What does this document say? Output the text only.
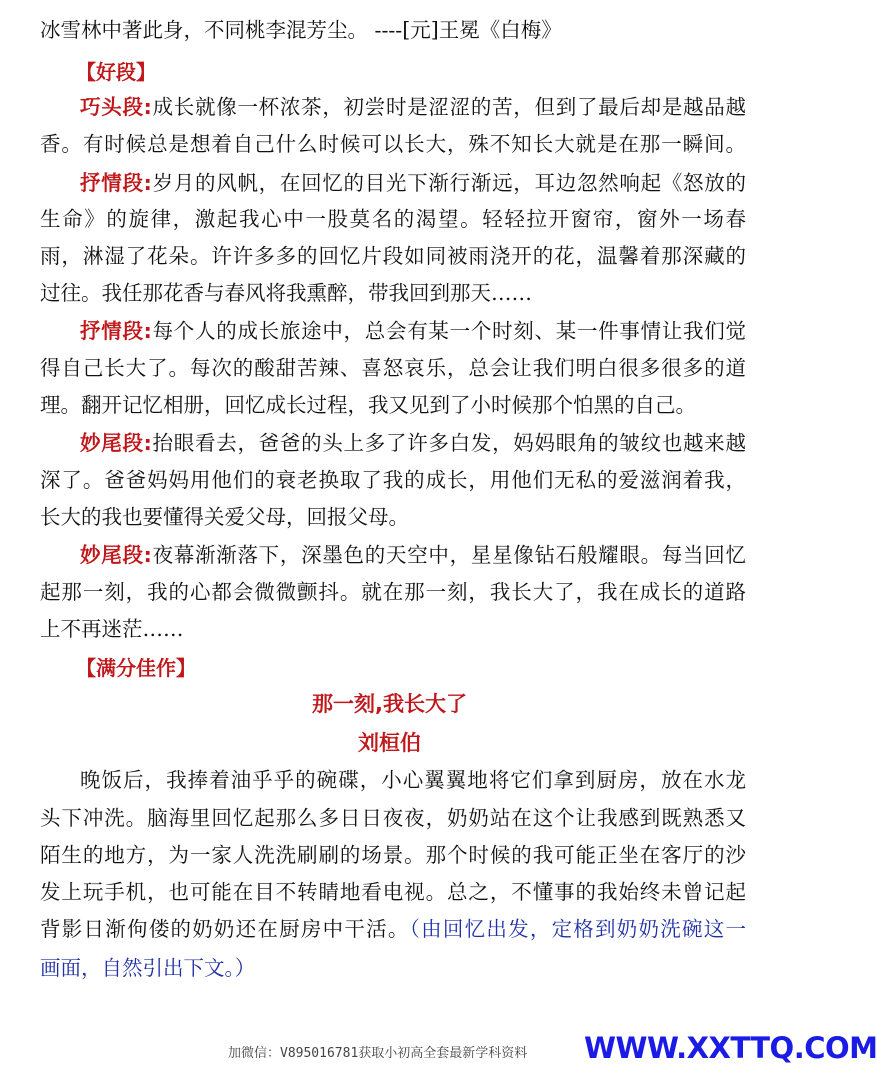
冰雪林中著此身，不同桃李混芳尘。 ----[元]王冕《白梅》
【好段】
巧头段:成长就像一杯浓茶，初尝时是涩涩的苦，但到了最后却是越品越
香。有时候总是想着自己什么时候可以长大，殊不知长大就是在那一瞬间。
抒情段:岁月的风帆，在回忆的目光下渐行渐远，耳边忽然响起《怒放的
生命》的旋律，激起我心中一股莫名的渴望。轻轻拉开窗帘，窗外一场春
雨，淋湿了花朵。许许多多的回忆片段如同被雨浇开的花，温馨着那深藏的
过往。我任那花香与春风将我熏醉，带我回到那天……
抒情段:每个人的成长旅途中，总会有某一个时刻、某一件事情让我们觉
得自己长大了。每次的酸甜苦辣、喜怒哀乐，总会让我们明白很多很多的道
理。翻开记忆相册，回忆成长过程，我又见到了小时候那个怕黑的自己。
妙尾段:抬眼看去，爸爸的头上多了许多白发，妈妈眼角的皱纹也越来越
深了。爸爸妈妈用他们的衰老换取了我的成长，用他们无私的爱滋润着我，
长大的我也要懂得关爱父母，回报父母。
妙尾段:夜幕渐渐落下，深墨色的天空中，星星像钻石般耀眼。每当回忆
起那一刻，我的心都会微微颤抖。就在那一刻，我长大了，我在成长的道路
上不再迷茫……
【满分佳作】
那一刻,我长大了
刘桓伯
晚饭后，我捧着油乎乎的碗碟，小心翼翼地将它们拿到厨房，放在水龙
头下冲洗。脑海里回忆起那么多日日夜夜，奶奶站在这个让我感到既熟悉又
陌生的地方，为一家人洗洗刷刷的场景。那个时候的我可能正坐在客厅的沙
发上玩手机，也可能在目不转睛地看电视。总之，不懂事的我始终未曾记起
背影日渐佝偻的奶奶还在厨房中干活。（由回忆出发，定格到奶奶洗碗这一
画面，自然引出下文。）
加微信：V895016781获取小初高全套最新学科资料 WWW.XXTTQ.COM
